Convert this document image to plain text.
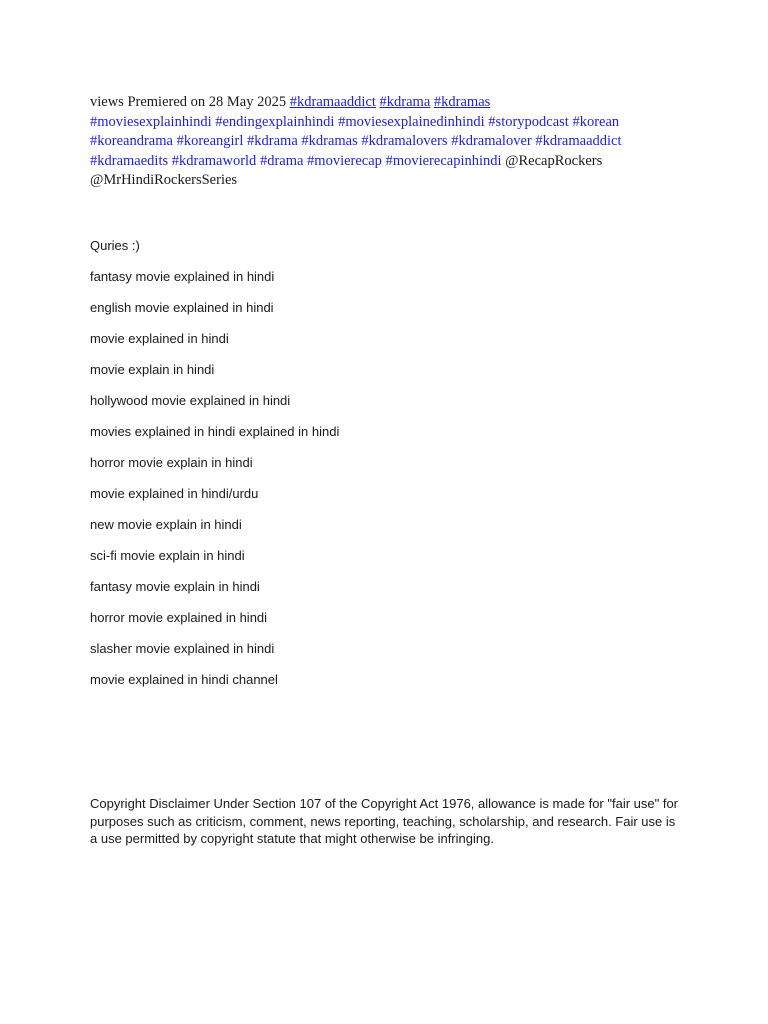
views Premiered on 28 May 2025 #kdramaaddict #kdrama #kdramas
#moviesexplainhindi #endingexplainhindi #moviesexplainedinhindi #storypodcast #korean
#koreandrama #koreangirl #kdrama #kdramas #kdramalovers #kdramalover #kdramaaddict
#kdramaedits #kdramaworld #drama #movierecap #movierecapinhindi @RecapRockers
@MrHindiRockersSeries
Quries :)
fantasy movie explained in hindi
english movie explained in hindi
movie explained in hindi
movie explain in hindi
hollywood movie explained in hindi
movies explained in hindi explained in hindi
horror movie explain in hindi
movie explained in hindi/urdu
new movie explain in hindi
sci-fi movie explain in hindi
fantasy movie explain in hindi
horror movie explained in hindi
slasher movie explained in hindi
movie explained in hindi channel

Copyright Disclaimer Under Section 107 of the Copyright Act 1976, allowance is made for "fair use" for purposes such as criticism, comment, news reporting, teaching, scholarship, and research. Fair use is a use permitted by copyright statute that might otherwise be infringing.
